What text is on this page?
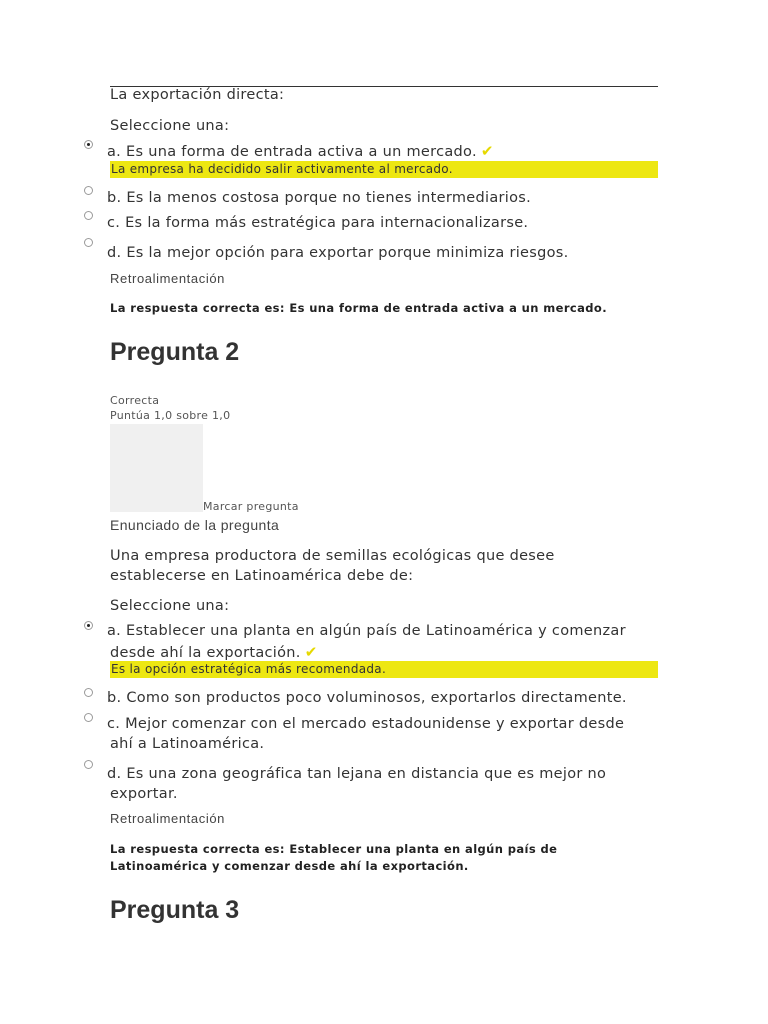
La exportación directa:
Seleccione una:
a. Es una forma de entrada activa a un mercado. ✔
La empresa ha decidido salir activamente al mercado.
b. Es la menos costosa porque no tienes intermediarios.
c. Es la forma más estratégica para internacionalizarse.
d. Es la mejor opción para exportar porque minimiza riesgos.
Retroalimentación
La respuesta correcta es: Es una forma de entrada activa a un mercado.
Pregunta 2
Correcta
Puntúa 1,0 sobre 1,0
Marcar pregunta
Enunciado de la pregunta
Una empresa productora de semillas ecológicas que desee
establecerse en Latinoamérica debe de:
Seleccione una:
a. Establecer una planta en algún país de Latinoamérica y comenzar
desde ahí la exportación. ✔
Es la opción estratégica más recomendada.
b. Como son productos poco voluminosos, exportarlos directamente.
c. Mejor comenzar con el mercado estadounidense y exportar desde
ahí a Latinoamérica.
d. Es una zona geográfica tan lejana en distancia que es mejor no
exportar.
Retroalimentación
La respuesta correcta es: Establecer una planta en algún país de
Latinoamérica y comenzar desde ahí la exportación.
Pregunta 3
